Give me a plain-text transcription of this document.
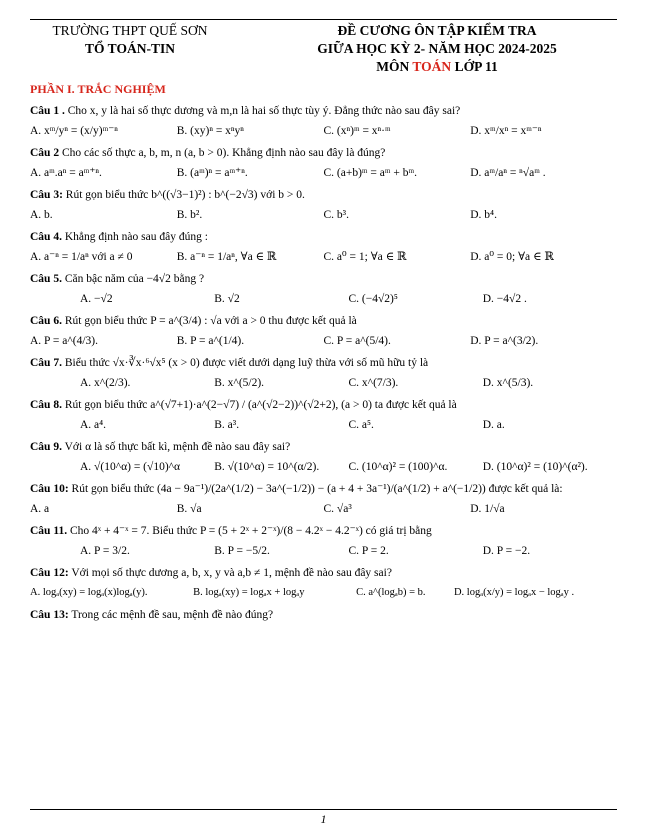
TRƯỜNG THPT QUẾ SƠN
TỔ TOÁN-TIN
ĐỀ CƯƠNG ÔN TẬP KIỂM TRA
GIỮA HỌC KỲ 2- NĂM HỌC 2024-2025
MÔN TOÁN LỚP 11
PHẦN I. TRẮC NGHIỆM
Câu 1 . Cho x, y là hai số thực dương và m,n là hai số thực tùy ý. Đẳng thức nào sau đây sai?
A. xᵐ/yⁿ = (x/y)ᵐ⁻ⁿ	B. (xy)ⁿ = xⁿyⁿ	C. (xⁿ)ᵐ = xⁿ·ᵐ	D. xᵐ/xⁿ = xᵐ⁻ⁿ
Câu 2 Cho các số thực a, b, m, n (a, b > 0). Khẳng định nào sau đây là đúng?
A. aᵐ.aⁿ = aᵐ⁺ⁿ.	B. (aᵐ)ⁿ = aᵐ⁺ⁿ.	C. (a+b)ᵐ = aᵐ + bᵐ.	D. aᵐ/aⁿ = ⁿ√aᵐ .
Câu 3: Rút gọn biểu thức b^((√3−1)²) : b^(−2√3) với b > 0.
A. b.	B. b².	C. b³.	D. b⁴.
Câu 4. Khẳng định nào sau đây đúng :
A. a⁻ⁿ = 1/aⁿ với a ≠ 0	B. a⁻ⁿ = 1/aⁿ, ∀a ∈ ℝ	C. a⁰ = 1; ∀a ∈ ℝ	D. a⁰ = 0; ∀a ∈ ℝ
Câu 5. Căn bậc năm của −4√2 bằng ?
A. −√2	B. √2	C. (−4√2)⁵	D. −4√2 .
Câu 6. Rút gọn biểu thức P = a^(3/4) : √a với a > 0 thu được kết quả là
A. P = a^(4/3).	B. P = a^(1/4).	C. P = a^(5/4).	D. P = a^(3/2).
Câu 7. Biểu thức √x·∛x·⁶√x⁵ (x > 0) được viết dưới dạng luỹ thừa với số mũ hữu tỷ là
A. x^(2/3).	B. x^(5/2).	C. x^(7/3).	D. x^(5/3).
Câu 8. Rút gọn biểu thức a^(√7+1)·a^(2−√7) / (a^(√2−2))^(√2+2), (a > 0) ta được kết quả là
A. a⁴.	B. a³.	C. a⁵.	D. a.
Câu 9. Với α là số thực bất kì, mệnh đề nào sau đây sai?
A. √(10^α) = (√10)^α	B. √(10^α) = 10^(α/2).	C. (10^α)² = (100)^α.	D. (10^α)² = (10)^(α²).
Câu 10: Rút gọn biểu thức (4a − 9a⁻¹)/(2a^(1/2) − 3a^(−1/2)) − (a + 4 + 3a⁻¹)/(a^(1/2) + a^(−1/2)) được kết quả là:
A. a	B. √a	C. √a³	D. 1/√a
Câu 11. Cho 4ˣ + 4⁻ˣ = 7. Biểu thức P = (5 + 2ˣ + 2⁻ˣ)/(8 − 4.2ˣ − 4.2⁻ˣ) có giá trị bằng
A. P = 3/2.	B. P = −5/2.	C. P = 2.	D. P = −2.
Câu 12: Với mọi số thực dương a, b, x, y và a,b ≠ 1, mệnh đề nào sau đây sai?
A. logₐ(xy) = logₐ(x)logₐ(y).	B. logₐ(xy) = logₐx + logₐy	C. a^(logₐb) = b.	D. logₐ(x/y) = logₐx − logₐy .
Câu 13: Trong các mệnh đề sau, mệnh đề nào đúng?
1
